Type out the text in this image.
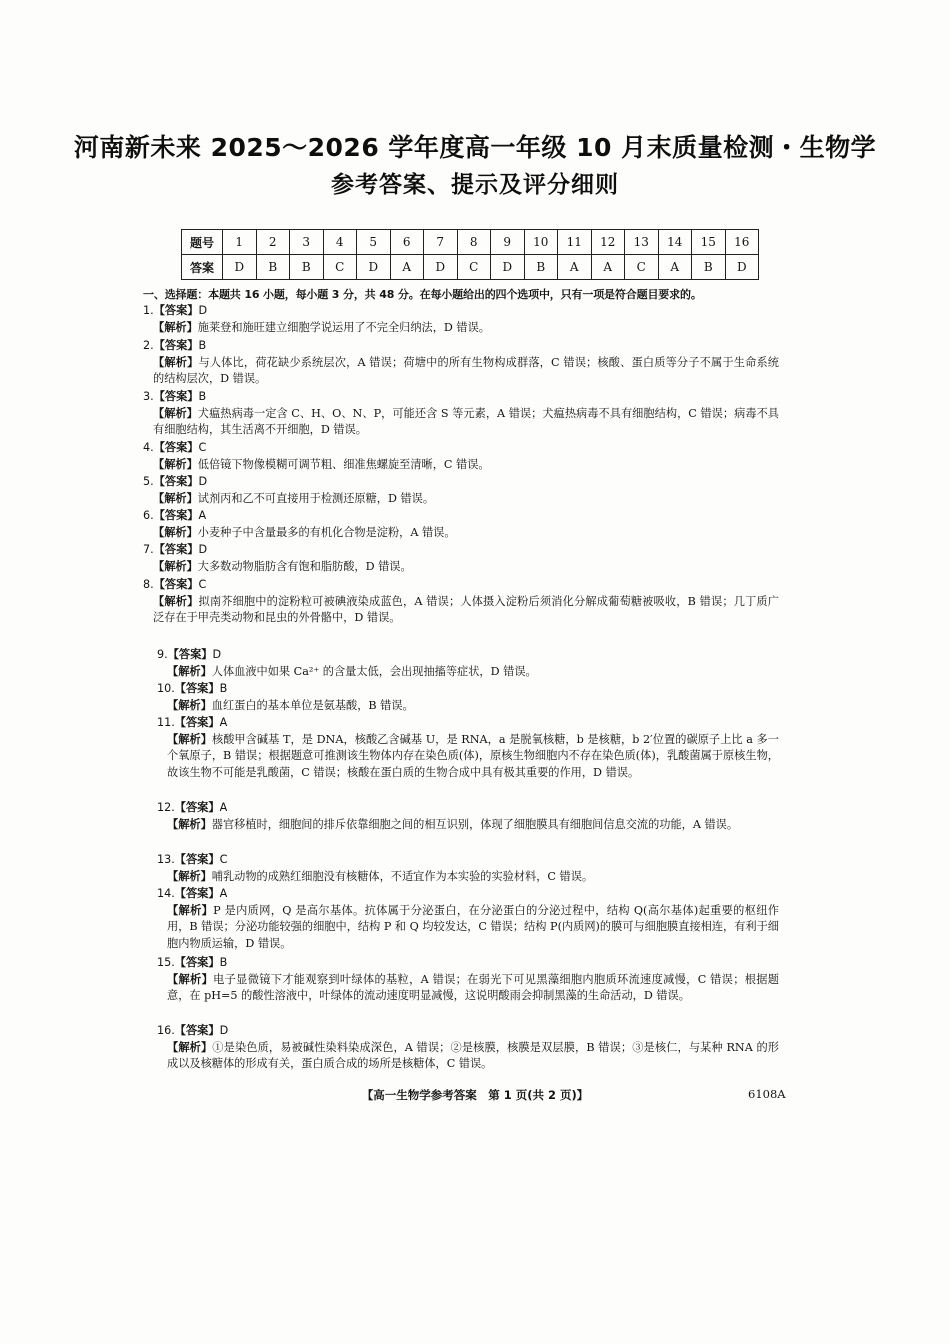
河南新未来 2025～2026 学年度高一年级 10 月末质量检测・生物学
参考答案、提示及评分细则
题号	1	2	3	4	5	6	7	8	9	10	11	12	13	14	15	16
答案	D	B	B	C	D	A	D	C	D	B	A	A	C	A	B	D
一、选择题：本题共 16 小题，每小题 3 分，共 48 分。在每小题给出的四个选项中，只有一项是符合题目要求的。
1.【答案】D
【解析】施莱登和施旺建立细胞学说运用了不完全归纳法，D 错误。
2.【答案】B
【解析】与人体比，荷花缺少系统层次，A 错误；荷塘中的所有生物构成群落，C 错误；核酸、蛋白质等分子不属于生命系统的结构层次，D 错误。
3.【答案】B
【解析】犬瘟热病毒一定含 C、H、O、N、P，可能还含 S 等元素，A 错误；犬瘟热病毒不具有细胞结构，C 错误；病毒不具有细胞结构，其生活离不开细胞，D 错误。
4.【答案】C
【解析】低倍镜下物像模糊可调节粗、细准焦螺旋至清晰，C 错误。
5.【答案】D
【解析】试剂丙和乙不可直接用于检测还原糖，D 错误。
6.【答案】A
【解析】小麦种子中含量最多的有机化合物是淀粉，A 错误。
7.【答案】D
【解析】大多数动物脂肪含有饱和脂肪酸，D 错误。
8.【答案】C
【解析】拟南芥细胞中的淀粉粒可被碘液染成蓝色，A 错误；人体摄入淀粉后须消化分解成葡萄糖被吸收，B 错误；几丁质广泛存在于甲壳类动物和昆虫的外骨骼中，D 错误。
9.【答案】D
【解析】人体血液中如果 Ca²⁺ 的含量太低，会出现抽搐等症状，D 错误。
10.【答案】B
【解析】血红蛋白的基本单位是氨基酸，B 错误。
11.【答案】A
【解析】核酸甲含碱基 T，是 DNA，核酸乙含碱基 U，是 RNA，a 是脱氧核糖，b 是核糖，b 2′位置的碳原子上比 a 多一个氧原子，B 错误；根据题意可推测该生物体内存在染色质(体)，原核生物细胞内不存在染色质(体)，乳酸菌属于原核生物，故该生物不可能是乳酸菌，C 错误；核酸在蛋白质的生物合成中具有极其重要的作用，D 错误。
12.【答案】A
【解析】器官移植时，细胞间的排斥依靠细胞之间的相互识别，体现了细胞膜具有细胞间信息交流的功能，A 错误。
13.【答案】C
【解析】哺乳动物的成熟红细胞没有核糖体，不适宜作为本实验的实验材料，C 错误。
14.【答案】A
【解析】P 是内质网，Q 是高尔基体。抗体属于分泌蛋白，在分泌蛋白的分泌过程中，结构 Q(高尔基体)起重要的枢纽作用，B 错误；分泌功能较强的细胞中，结构 P 和 Q 均较发达，C 错误；结构 P(内质网)的膜可与细胞膜直接相连，有利于细胞内物质运输，D 错误。
15.【答案】B
【解析】电子显微镜下才能观察到叶绿体的基粒，A 错误；在弱光下可见黑藻细胞内胞质环流速度减慢，C 错误；根据题意，在 pH=5 的酸性溶液中，叶绿体的流动速度明显减慢，这说明酸雨会抑制黑藻的生命活动，D 错误。
16.【答案】D
【解析】①是染色质，易被碱性染料染成深色，A 错误；②是核膜，核膜是双层膜，B 错误；③是核仁，与某种 RNA 的形成以及核糖体的形成有关，蛋白质合成的场所是核糖体，C 错误。
【高一生物学参考答案　第 1 页(共 2 页)】	6108A
